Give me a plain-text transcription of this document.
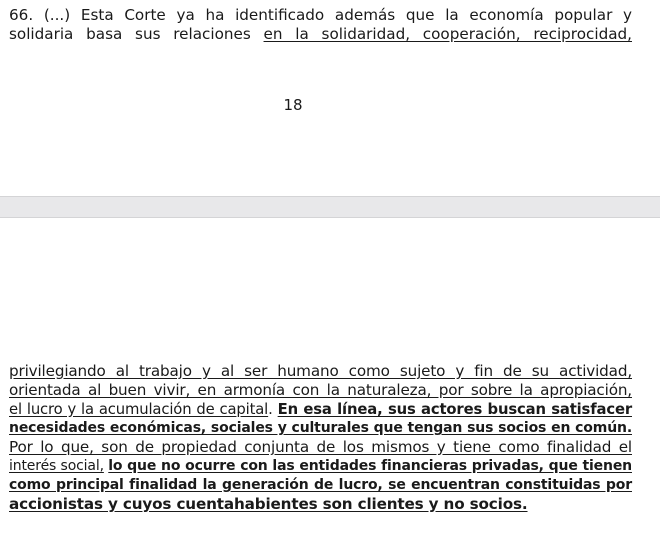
66. (...) Esta Corte ya ha identificado además que la economía popular y
solidaria basa sus relaciones en la solidaridad, cooperación, reciprocidad,
18
privilegiando al trabajo y al ser humano como sujeto y fin de su actividad,
orientada al buen vivir, en armonía con la naturaleza, por sobre la apropiación,
el lucro y la acumulación de capital. En esa línea, sus actores buscan satisfacer
necesidades económicas, sociales y culturales que tengan sus socios en común.
Por lo que, son de propiedad conjunta de los mismos y tiene como finalidad el
interés social, lo que no ocurre con las entidades financieras privadas, que tienen
como principal finalidad la generación de lucro, se encuentran constituidas por
accionistas y cuyos cuentahabientes son clientes y no socios.
